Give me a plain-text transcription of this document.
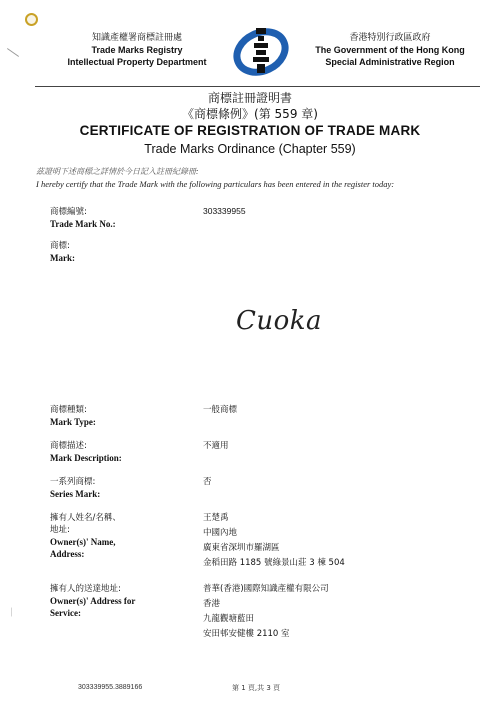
知識產權署商標註冊處
Trade Marks Registry
Intellectual Property Department
香港特別行政區政府
The Government of the Hong Kong
Special Administrative Region
商標註冊證明書
《商標條例》(第 559 章)
CERTIFICATE OF REGISTRATION OF TRADE MARK
Trade Marks Ordinance (Chapter 559)
茲證明下述商標之詳情於今日記入註冊紀錄冊:
I hereby certify that the Trade Mark with the following particulars has been entered in the register today:
商標編號:
Trade Mark No.:
303339955
商標:
Mark:
Cuoka
商標種類:
Mark Type:
一般商標
商標描述:
Mark Description:
不適用
一系列商標:
Series Mark:
否
擁有人姓名/名稱、
地址:
Owner(s)' Name,
Address:
王楚禹
中國內地
廣東省深圳市羅湖區
金稻田路 1185 號綠景山莊 3 棟 504
擁有人的送達地址:
Owner(s)' Address for
Service:
普華(香港)國際知識產權有限公司
香港
九龍觀塘藍田
安田邨安健樓 2110 室
⟋
303339955.3889166	第 1 頁,共 3 頁
